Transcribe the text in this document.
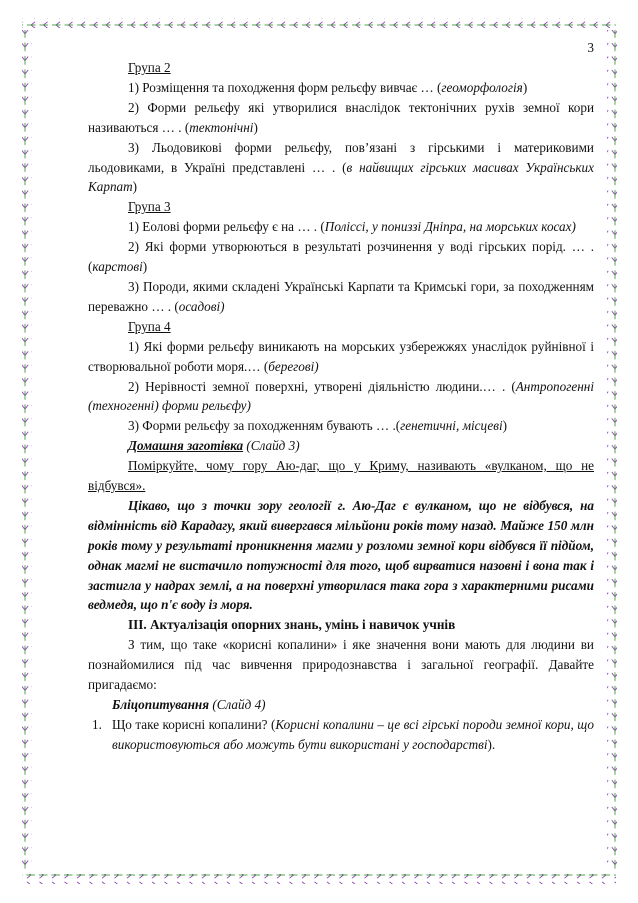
3

Група 2

1) Розміщення та походження форм рельєфу вивчає … (геоморфологія)

2) Форми рельєфу які утворилися внаслідок тектонічних рухів земної кори називаються … . (тектонічні)

3) Льодовикові форми рельєфу, пов’язані з гірськими і материковими льодовиками, в Україні представлені … . (в найвищих гірських масивах Українських Карпат)

Група 3

1) Еолові форми рельєфу є на … . (Поліссі, у пониззі Дніпра, на морських косах)

2) Які форми утворюються в результаті розчинення у воді гірських порід. … . (карстові)

3) Породи, якими складені Українські Карпати та Кримські гори, за походженням переважно … . (осадові)

Група 4

1) Які форми рельєфу виникають на морських узбережжях унаслідок руйнівної і створювальної роботи моря.… (берегові)

2) Нерівності земної поверхні, утворені діяльністю людини.… . (Антропогенні (техногенні) форми рельєфу)

3) Форми рельєфу за походженням бувають … .(генетичні, місцеві)

Домашня заготівка (Слайд 3)

Поміркуйте, чому гору Аю-даг, що у Криму, називають «вулканом, що не відбувся».

Цікаво, що з точки зору геології г. Аю-Даг є вулканом, що не відбувся, на відмінність від Карадагу, який вивергався мільйони років тому назад. Майже 150 млн років тому у результаті проникнення магми у розломи земної кори відбувся її підйом, однак магмі не вистачило потужності для того, щоб вирватися назовні і вона так і застигла у надрах землі, а на поверхні утворилася така гора з характерними рисами ведмедя, що п'є воду із моря.

ІІІ. Актуалізація опорних знань, умінь і навичок учнів

З тим, що таке «корисні копалини» і яке значення вони мають для людини ви познайомилися під час вивчення природознавства і загальної географії. Давайте пригадаємо:

Бліцопитування (Слайд 4)

1. Що таке корисні копалини? (Корисні копалини – це всі гірські породи земної кори, що використовуються або можуть бути використані у господарстві).
